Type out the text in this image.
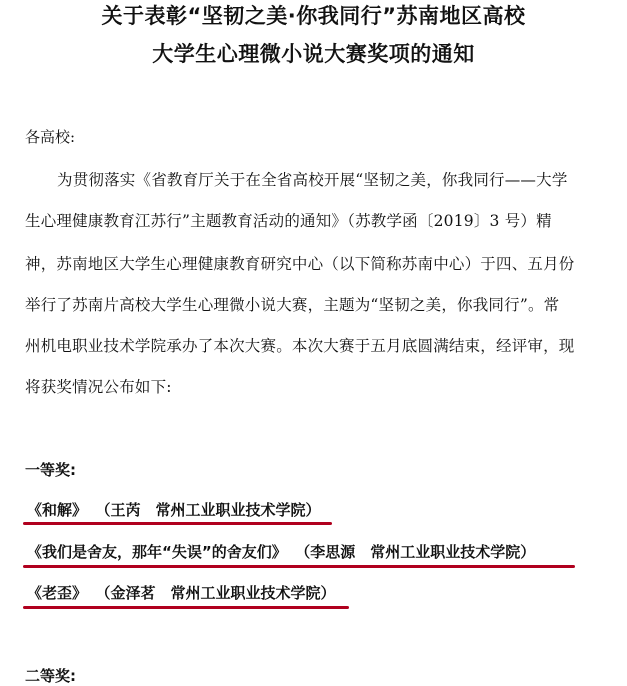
关于表彰“坚韧之美·你我同行”苏南地区高校
大学生心理微小说大赛奖项的通知
各高校:
为贯彻落实《省教育厅关于在全省高校开展“坚韧之美，你我同行——大学
生心理健康教育江苏行”主题教育活动的通知》（苏教学函〔2019〕3 号）精
神，苏南地区大学生心理健康教育研究中心（以下简称苏南中心）于四、五月份
举行了苏南片高校大学生心理微小说大赛，主题为“坚韧之美，你我同行”。常
州机电职业技术学院承办了本次大赛。本次大赛于五月底圆满结束，经评审，现
将获奖情况公布如下:
一等奖:
《和解》 （王芮　常州工业职业技术学院）
《我们是舍友，那年“失误”的舍友们》 （李思源　常州工业职业技术学院）
《老歪》 （金泽茗　常州工业职业技术学院）
二等奖:
